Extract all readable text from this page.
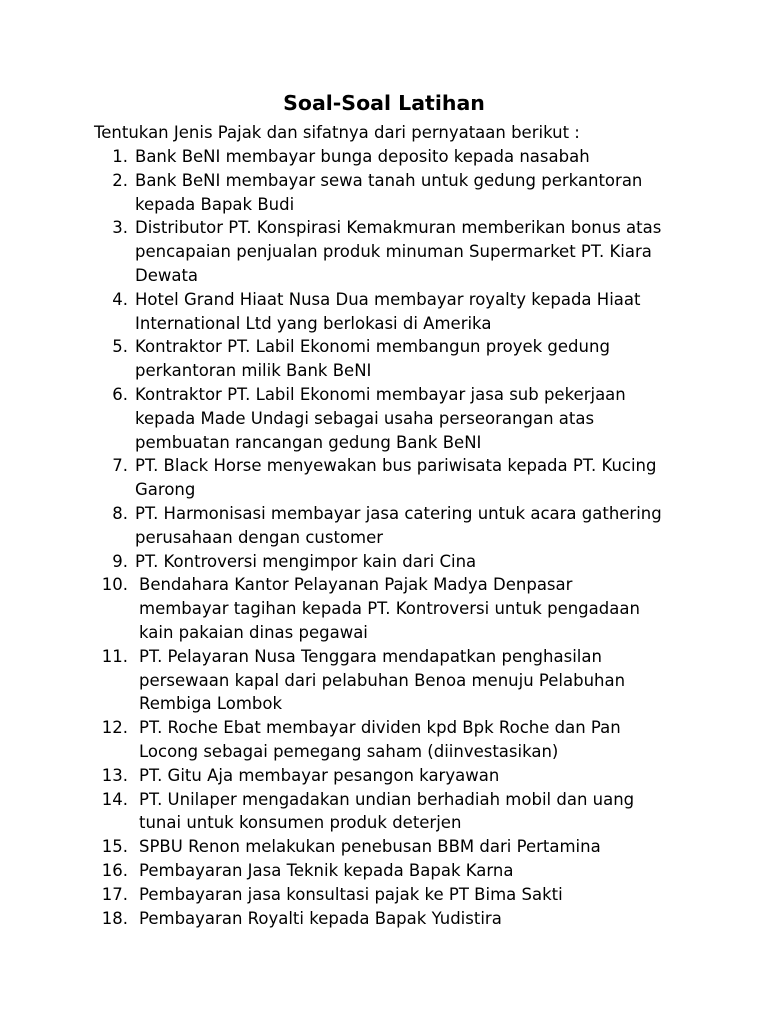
Soal-Soal Latihan
Tentukan Jenis Pajak dan sifatnya dari pernyataan berikut :
1. Bank BeNI membayar bunga deposito kepada nasabah
2. Bank BeNI membayar sewa tanah untuk gedung perkantoran
kepada Bapak Budi
3. Distributor PT. Konspirasi Kemakmuran memberikan bonus atas
pencapaian penjualan produk minuman Supermarket PT. Kiara
Dewata
4. Hotel Grand Hiaat Nusa Dua membayar royalty kepada Hiaat
International Ltd yang berlokasi di Amerika
5. Kontraktor PT. Labil Ekonomi membangun proyek gedung
perkantoran milik Bank BeNI
6. Kontraktor PT. Labil Ekonomi membayar jasa sub pekerjaan
kepada Made Undagi sebagai usaha perseorangan atas
pembuatan rancangan gedung Bank BeNI
7. PT. Black Horse menyewakan bus pariwisata kepada PT. Kucing
Garong
8. PT. Harmonisasi membayar jasa catering untuk acara gathering
perusahaan dengan customer
9. PT. Kontroversi mengimpor kain dari Cina
10. Bendahara Kantor Pelayanan Pajak Madya Denpasar
membayar tagihan kepada PT. Kontroversi untuk pengadaan
kain pakaian dinas pegawai
11. PT. Pelayaran Nusa Tenggara mendapatkan penghasilan
persewaan kapal dari pelabuhan Benoa menuju Pelabuhan
Rembiga Lombok
12. PT. Roche Ebat membayar dividen kpd Bpk Roche dan Pan
Locong sebagai pemegang saham (diinvestasikan)
13. PT. Gitu Aja membayar pesangon karyawan
14. PT. Unilaper mengadakan undian berhadiah mobil dan uang
tunai untuk konsumen produk deterjen
15. SPBU Renon melakukan penebusan BBM dari Pertamina
16. Pembayaran Jasa Teknik kepada Bapak Karna
17. Pembayaran jasa konsultasi pajak ke PT Bima Sakti
18. Pembayaran Royalti kepada Bapak Yudistira
